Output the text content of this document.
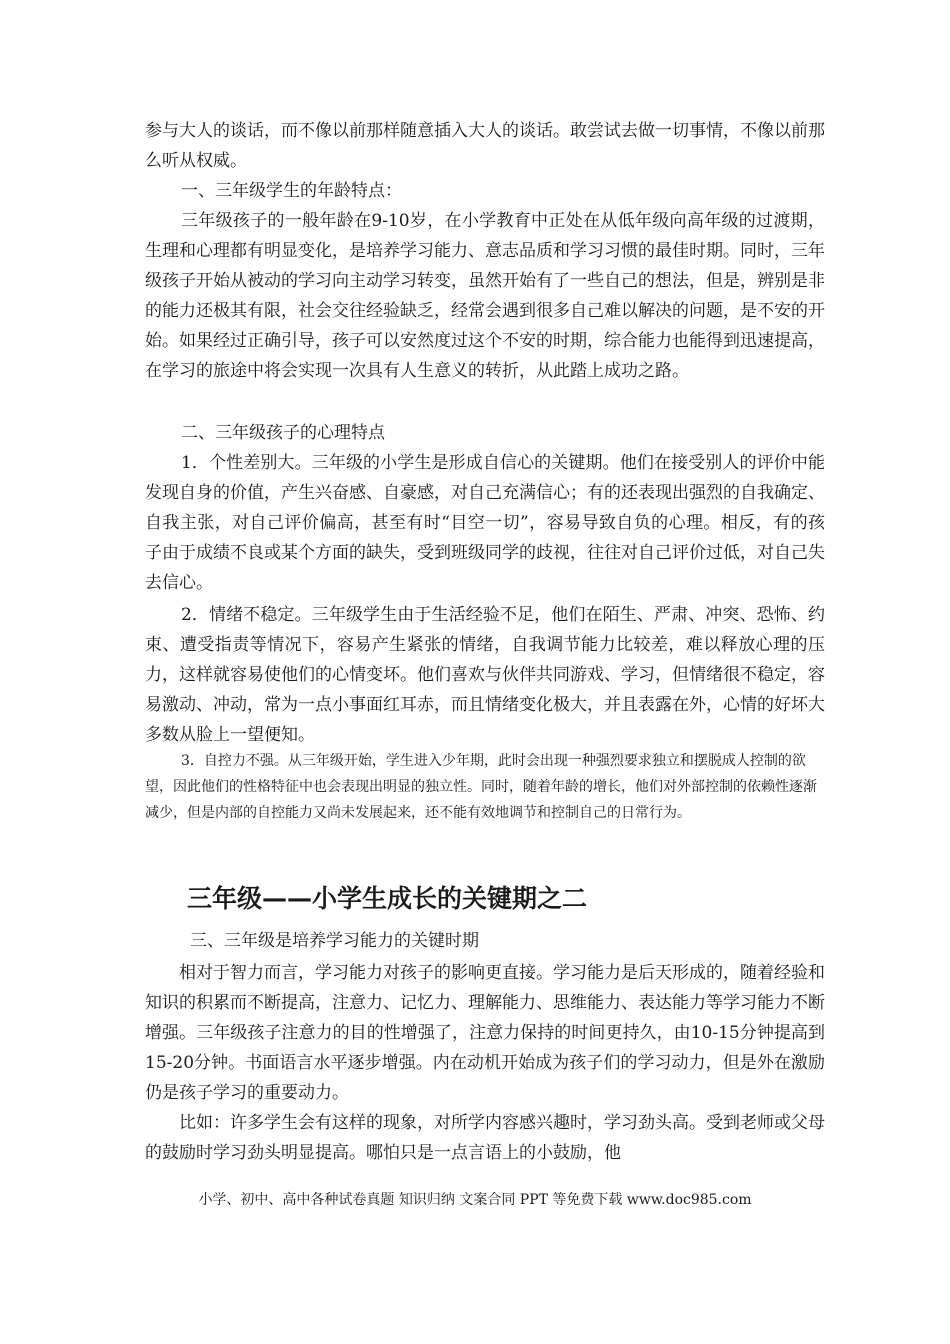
参与大人的谈话，而不像以前那样随意插入大人的谈话。敢尝试去做一切事情，不像以前那么听从权威。

一、三年级学生的年龄特点：

三年级孩子的一般年龄在9-10岁，在小学教育中正处在从低年级向高年级的过渡期，生理和心理都有明显变化，是培养学习能力、意志品质和学习习惯的最佳时期。同时，三年级孩子开始从被动的学习向主动学习转变，虽然开始有了一些自己的想法，但是，辨别是非的能力还极其有限，社会交往经验缺乏，经常会遇到很多自己难以解决的问题，是不安的开始。如果经过正确引导，孩子可以安然度过这个不安的时期，综合能力也能得到迅速提高，在学习的旅途中将会实现一次具有人生意义的转折，从此踏上成功之路。

二、三年级孩子的心理特点

1．个性差别大。三年级的小学生是形成自信心的关键期。他们在接受别人的评价中能发现自身的价值，产生兴奋感、自豪感，对自己充满信心；有的还表现出强烈的自我确定、自我主张，对自己评价偏高，甚至有时“目空一切”，容易导致自负的心理。相反，有的孩子由于成绩不良或某个方面的缺失，受到班级同学的歧视，往往对自己评价过低，对自己失去信心。

2．情绪不稳定。三年级学生由于生活经验不足，他们在陌生、严肃、冲突、恐怖、约束、遭受指责等情况下，容易产生紧张的情绪，自我调节能力比较差，难以释放心理的压力，这样就容易使他们的心情变坏。他们喜欢与伙伴共同游戏、学习，但情绪很不稳定，容易激动、冲动，常为一点小事面红耳赤，而且情绪变化极大，并且表露在外，心情的好坏大多数从脸上一望便知。

3．自控力不强。从三年级开始，学生进入少年期，此时会出现一种强烈要求独立和摆脱成人控制的欲望，因此他们的性格特征中也会表现出明显的独立性。同时，随着年龄的增长，他们对外部控制的依赖性逐渐减少，但是内部的自控能力又尚未发展起来，还不能有效地调节和控制自己的日常行为。

三年级——小学生成长的关键期之二

三、三年级是培养学习能力的关键时期

相对于智力而言，学习能力对孩子的影响更直接。学习能力是后天形成的，随着经验和知识的积累而不断提高，注意力、记忆力、理解能力、思维能力、表达能力等学习能力不断增强。三年级孩子注意力的目的性增强了，注意力保持的时间更持久，由10-15分钟提高到15-20分钟。书面语言水平逐步增强。内在动机开始成为孩子们的学习动力，但是外在激励仍是孩子学习的重要动力。

比如：许多学生会有这样的现象，对所学内容感兴趣时，学习劲头高。受到老师或父母的鼓励时学习劲头明显提高。哪怕只是一点言语上的小鼓励，他

小学、初中、高中各种试卷真题 知识归纳 文案合同 PPT 等免费下载 www.doc985.com
